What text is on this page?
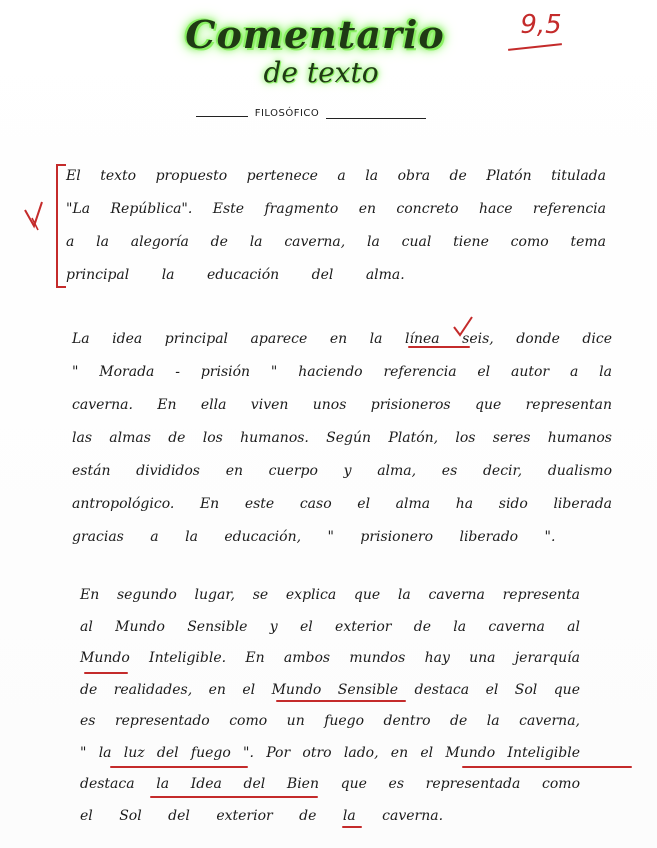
Comentario
de texto
9,5
FILOSÓFICO
El texto propuesto pertenece a la obra de Platón titulada
"La República". Este fragmento en concreto hace referencia
a la alegoría de la caverna, la cual tiene como tema
principal la educación del alma.
La idea principal aparece en la línea seis, donde dice
" Morada - prisión " haciendo referencia el autor a la
caverna. En ella viven unos prisioneros que representan
las almas de los humanos. Según Platón, los seres humanos
están divididos en cuerpo y alma, es decir, dualismo
antropológico. En este caso el alma ha sido liberada
gracias a la educación, " prisionero liberado ".
En segundo lugar, se explica que la caverna representa
al Mundo Sensible y el exterior de la caverna al
Mundo Inteligible. En ambos mundos hay una jerarquía
de realidades, en el Mundo Sensible destaca el Sol que
es representado como un fuego dentro de la caverna,
" la luz del fuego ". Por otro lado, en el Mundo Inteligible
destaca la Idea del Bien que es representada como
el Sol del exterior de la caverna.
